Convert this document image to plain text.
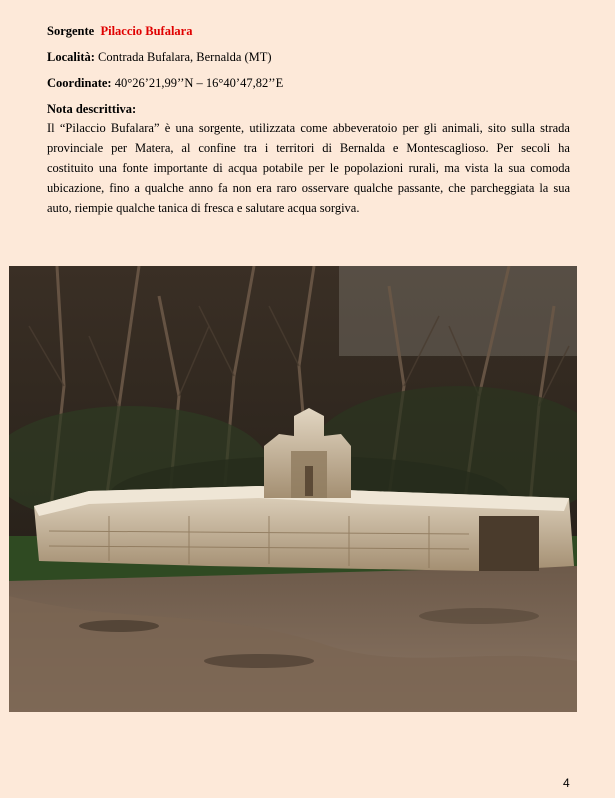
Sorgente Pilaccio Bufalara
Località: Contrada Bufalara, Bernalda (MT)
Coordinate: 40°26’21,99’’N – 16°40’47,82’’E
Nota descrittiva:

Il “Pilaccio Bufalara” è una sorgente, utilizzata come abbeveratoio per gli animali, sito sulla strada
provinciale per Matera, al confine tra i territori di Bernalda e Montescaglioso. Per secoli ha
costituito una fonte importante di acqua potabile per le popolazioni rurali, ma vista la sua comoda
ubicazione, fino a qualche anno fa non era raro osservare qualche passante, che parcheggiata la sua
auto, riempie qualche tanica di fresca e salutare acqua sorgiva.

4
